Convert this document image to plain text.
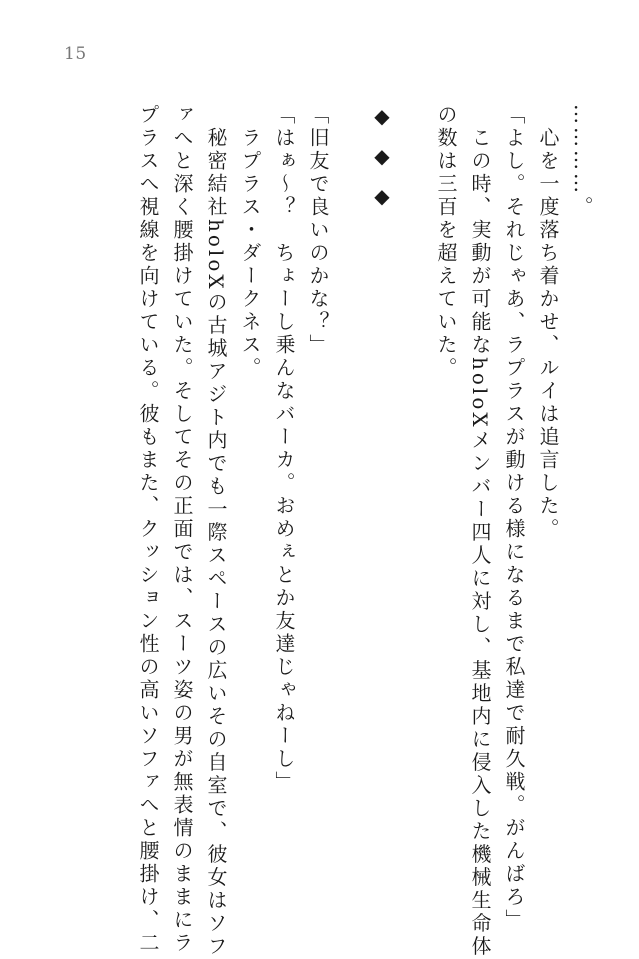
15
…………。
　心を一度落ち着かせ、ルイは追言した。
「よし。それじゃあ、ラプラスが動ける様になるまで私達で耐久戦。がんばろ」
　この時、実動が可能なholoXメンバー四人に対し、基地内に侵入した機械生命体
の数は三百を超えていた。
◆◆◆
「旧友で良いのかな？」
「はぁ～？　ちょーし乗んなバーカ。おめぇとか友達じゃねーし」
　ラプラス・ダークネス。
　秘密結社holoXの古城アジト内でも一際スペースの広いその自室で、彼女はソフ
ァへと深く腰掛けていた。そしてその正面では、スーツ姿の男が無表情のままにラ
プラスへ視線を向けている。彼もまた、クッション性の高いソファへと腰掛け、二
